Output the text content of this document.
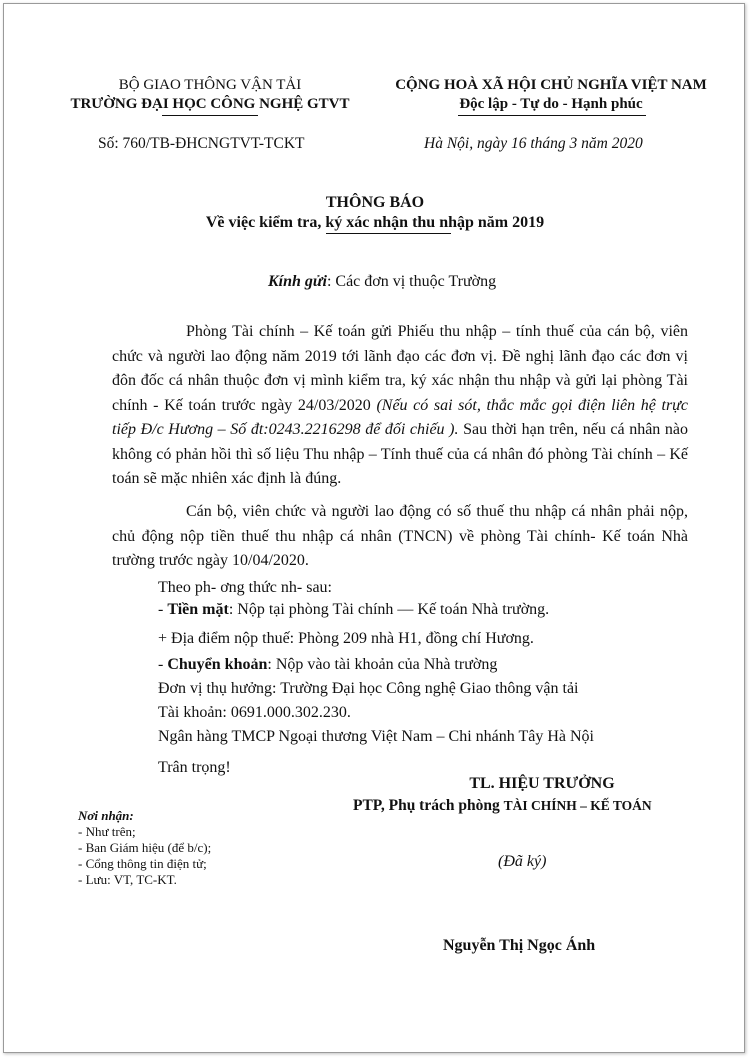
BỘ GIAO THÔNG VẬN TẢI
TRƯỜNG ĐẠI HỌC CÔNG NGHỆ GTVT
Số: 760/TB-ĐHCNGTVT-TCKT
CỘNG HOÀ XÃ HỘI CHỦ NGHĨA VIỆT NAM
Độc lập - Tự do - Hạnh phúc
Hà Nội, ngày 16 tháng 3 năm 2020
THÔNG BÁO
Về việc kiểm tra, ký xác nhận thu nhập năm 2019
Kính gửi: Các đơn vị thuộc Trường
Phòng Tài chính – Kế toán gửi Phiếu thu nhập – tính thuế của cán bộ, viên chức và người lao động năm 2019 tới lãnh đạo các đơn vị. Đề nghị lãnh đạo các đơn vị đôn đốc cá nhân thuộc đơn vị mình kiểm tra, ký xác nhận thu nhập và gửi lại phòng Tài chính - Kế toán trước ngày 24/03/2020 (Nếu có sai sót, thắc mắc gọi điện liên hệ trực tiếp Đ/c Hương – Số đt:0243.2216298 để đối chiếu ). Sau thời hạn trên, nếu cá nhân nào không có phản hồi thì số liệu Thu nhập – Tính thuế của cá nhân đó phòng Tài chính – Kế toán sẽ mặc nhiên xác định là đúng.
Cán bộ, viên chức và người lao động có số thuế thu nhập cá nhân phải nộp, chủ động nộp tiền thuế thu nhập cá nhân (TNCN) về phòng Tài chính- Kế toán Nhà trường trước ngày 10/04/2020.
Theo ph- ơng thức nh- sau:
- Tiền mặt: Nộp tại phòng Tài chính — Kế toán Nhà trường.
+ Địa điểm nộp thuế: Phòng 209 nhà H1, đồng chí Hương.
- Chuyển khoản: Nộp vào tài khoản của Nhà trường
Đơn vị thụ hưởng: Trường Đại học Công nghệ Giao thông vận tải
Tài khoản: 0691.000.302.230.
Ngân hàng TMCP Ngoại thương Việt Nam – Chi nhánh Tây Hà Nội
Trân trọng!
TL. HIỆU TRƯỞNG
PTP, Phụ trách phòng TÀI CHÍNH – KẾ TOÁN
(Đã ký)
Nguyễn Thị Ngọc Ánh
Nơi nhận:
- Như trên;
- Ban Giám hiệu (để b/c);
- Cổng thông tin điện tử;
- Lưu: VT, TC-KT.
